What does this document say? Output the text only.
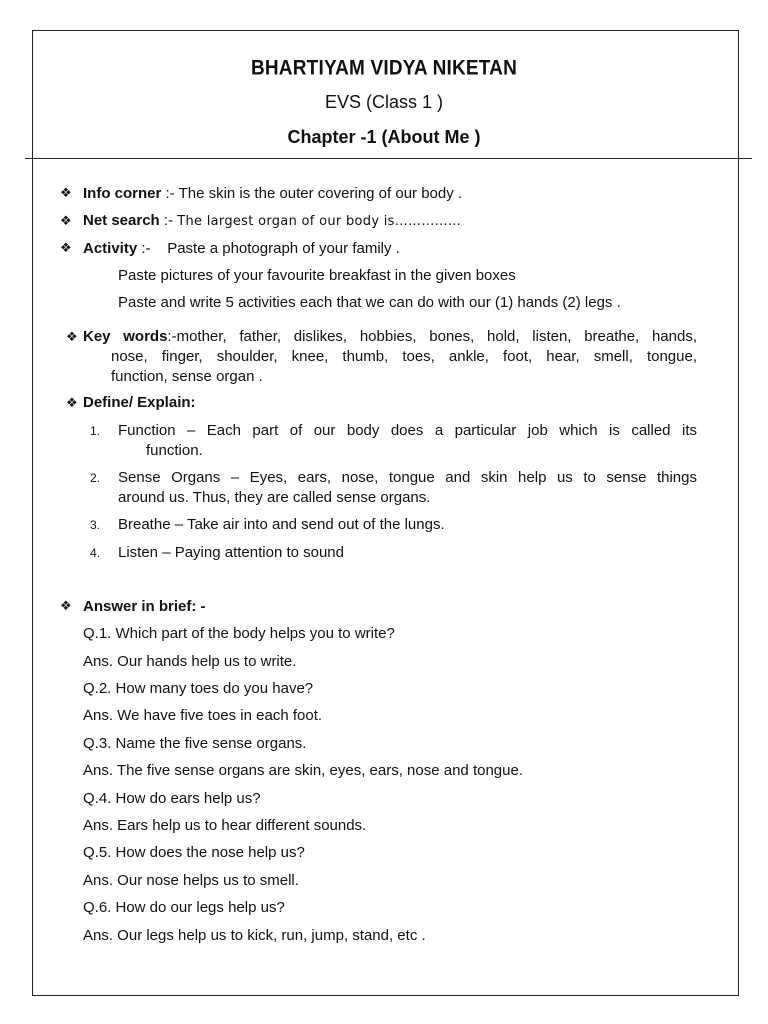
BHARTIYAM VIDYA NIKETAN
EVS (Class 1 )
Chapter -1 (About Me )
❖ Info corner :- The skin is the outer covering of our body .
❖ Net search :- The largest organ of our body is……………
❖ Activity :-    Paste a photograph of your family .
Paste pictures of your favourite breakfast in the given boxes
Paste and write 5 activities each that we can do with our (1) hands (2) legs .
❖ Key words:-mother, father, dislikes, hobbies, bones, hold, listen, breathe, hands,
nose, finger, shoulder, knee, thumb, toes, ankle, foot, hear, smell, tongue,
function, sense organ .
❖ Define/ Explain:
1. Function – Each part of our body does a particular job which is called its
function.
2. Sense Organs – Eyes, ears, nose, tongue and skin help us to sense things
around us. Thus, they are called sense organs.
3. Breathe – Take air into and send out of the lungs.
4. Listen – Paying attention to sound
❖ Answer in brief: -
Q.1. Which part of the body helps you to write?
Ans. Our hands help us to write.
Q.2. How many toes do you have?
Ans. We have five toes in each foot.
Q.3. Name the five sense organs.
Ans. The five sense organs are skin, eyes, ears, nose and tongue.
Q.4. How do ears help us?
Ans. Ears help us to hear different sounds.
Q.5. How does the nose help us?
Ans. Our nose helps us to smell.
Q.6. How do our legs help us?
Ans. Our legs help us to kick, run, jump, stand, etc .
